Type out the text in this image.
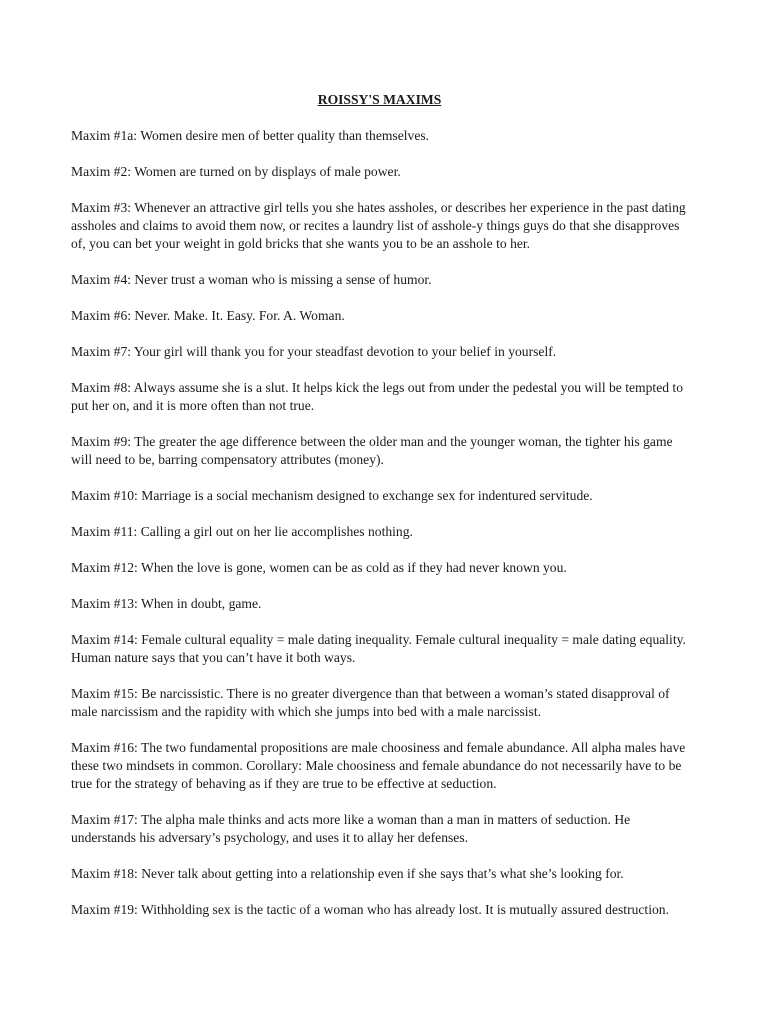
ROISSY'S MAXIMS

Maxim #1a: Women desire men of better quality than themselves.

Maxim #2: Women are turned on by displays of male power.

Maxim #3: Whenever an attractive girl tells you she hates assholes, or describes her experience in the past dating assholes and claims to avoid them now, or recites a laundry list of asshole-y things guys do that she disapproves of, you can bet your weight in gold bricks that she wants you to be an asshole to her.

Maxim #4: Never trust a woman who is missing a sense of humor.

Maxim #6: Never. Make. It. Easy. For. A. Woman.

Maxim #7: Your girl will thank you for your steadfast devotion to your belief in yourself.

Maxim #8: Always assume she is a slut. It helps kick the legs out from under the pedestal you will be tempted to put her on, and it is more often than not true.

Maxim #9: The greater the age difference between the older man and the younger woman, the tighter his game will need to be, barring compensatory attributes (money).

Maxim #10: Marriage is a social mechanism designed to exchange sex for indentured servitude.

Maxim #11: Calling a girl out on her lie accomplishes nothing.

Maxim #12: When the love is gone, women can be as cold as if they had never known you.

Maxim #13: When in doubt, game.

Maxim #14: Female cultural equality = male dating inequality. Female cultural inequality = male dating equality. Human nature says that you can’t have it both ways.

Maxim #15: Be narcissistic. There is no greater divergence than that between a woman’s stated disapproval of male narcissism and the rapidity with which she jumps into bed with a male narcissist.

Maxim #16: The two fundamental propositions are male choosiness and female abundance. All alpha males have these two mindsets in common. Corollary: Male choosiness and female abundance do not necessarily have to be true for the strategy of behaving as if they are true to be effective at seduction.

Maxim #17: The alpha male thinks and acts more like a woman than a man in matters of seduction. He understands his adversary’s psychology, and uses it to allay her defenses.

Maxim #18: Never talk about getting into a relationship even if she says that’s what she’s looking for.

Maxim #19: Withholding sex is the tactic of a woman who has already lost. It is mutually assured destruction.
